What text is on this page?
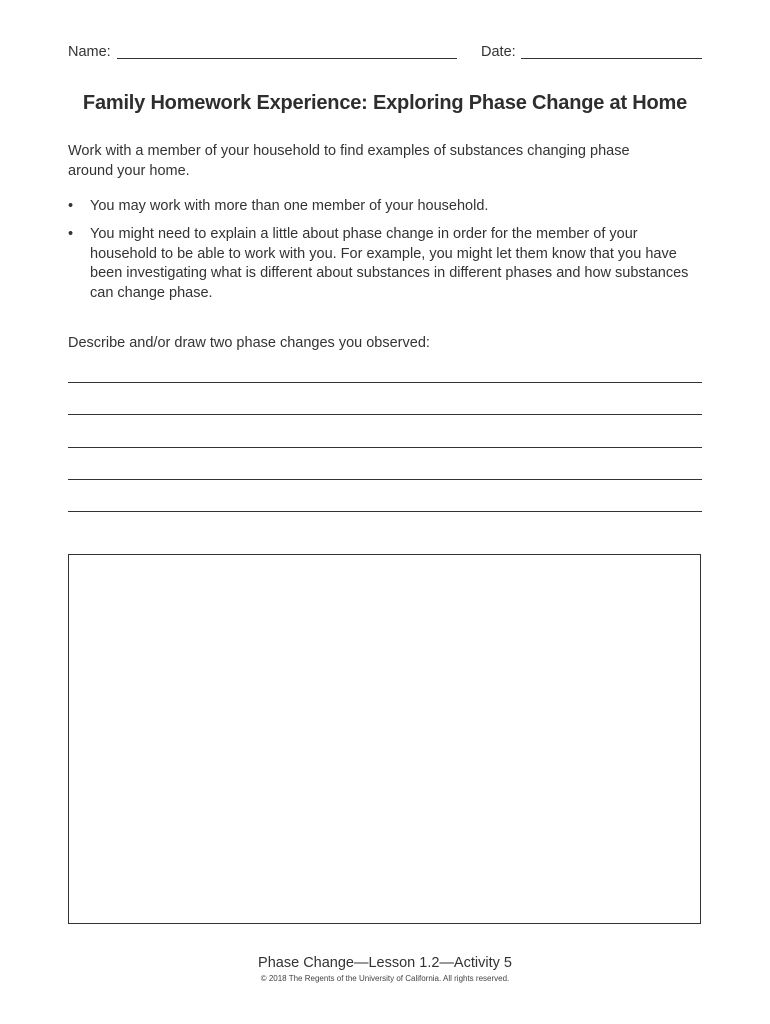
Name:	Date:
Family Homework Experience: Exploring Phase Change at Home
Work with a member of your household to find examples of substances changing phase around your home.
• You may work with more than one member of your household.
• You might need to explain a little about phase change in order for the member of your household to be able to work with you. For example, you might let them know that you have been investigating what is different about substances in different phases and how substances can change phase.
Describe and/or draw two phase changes you observed:
Phase Change—Lesson 1.2—Activity 5
© 2018 The Regents of the University of California. All rights reserved.
